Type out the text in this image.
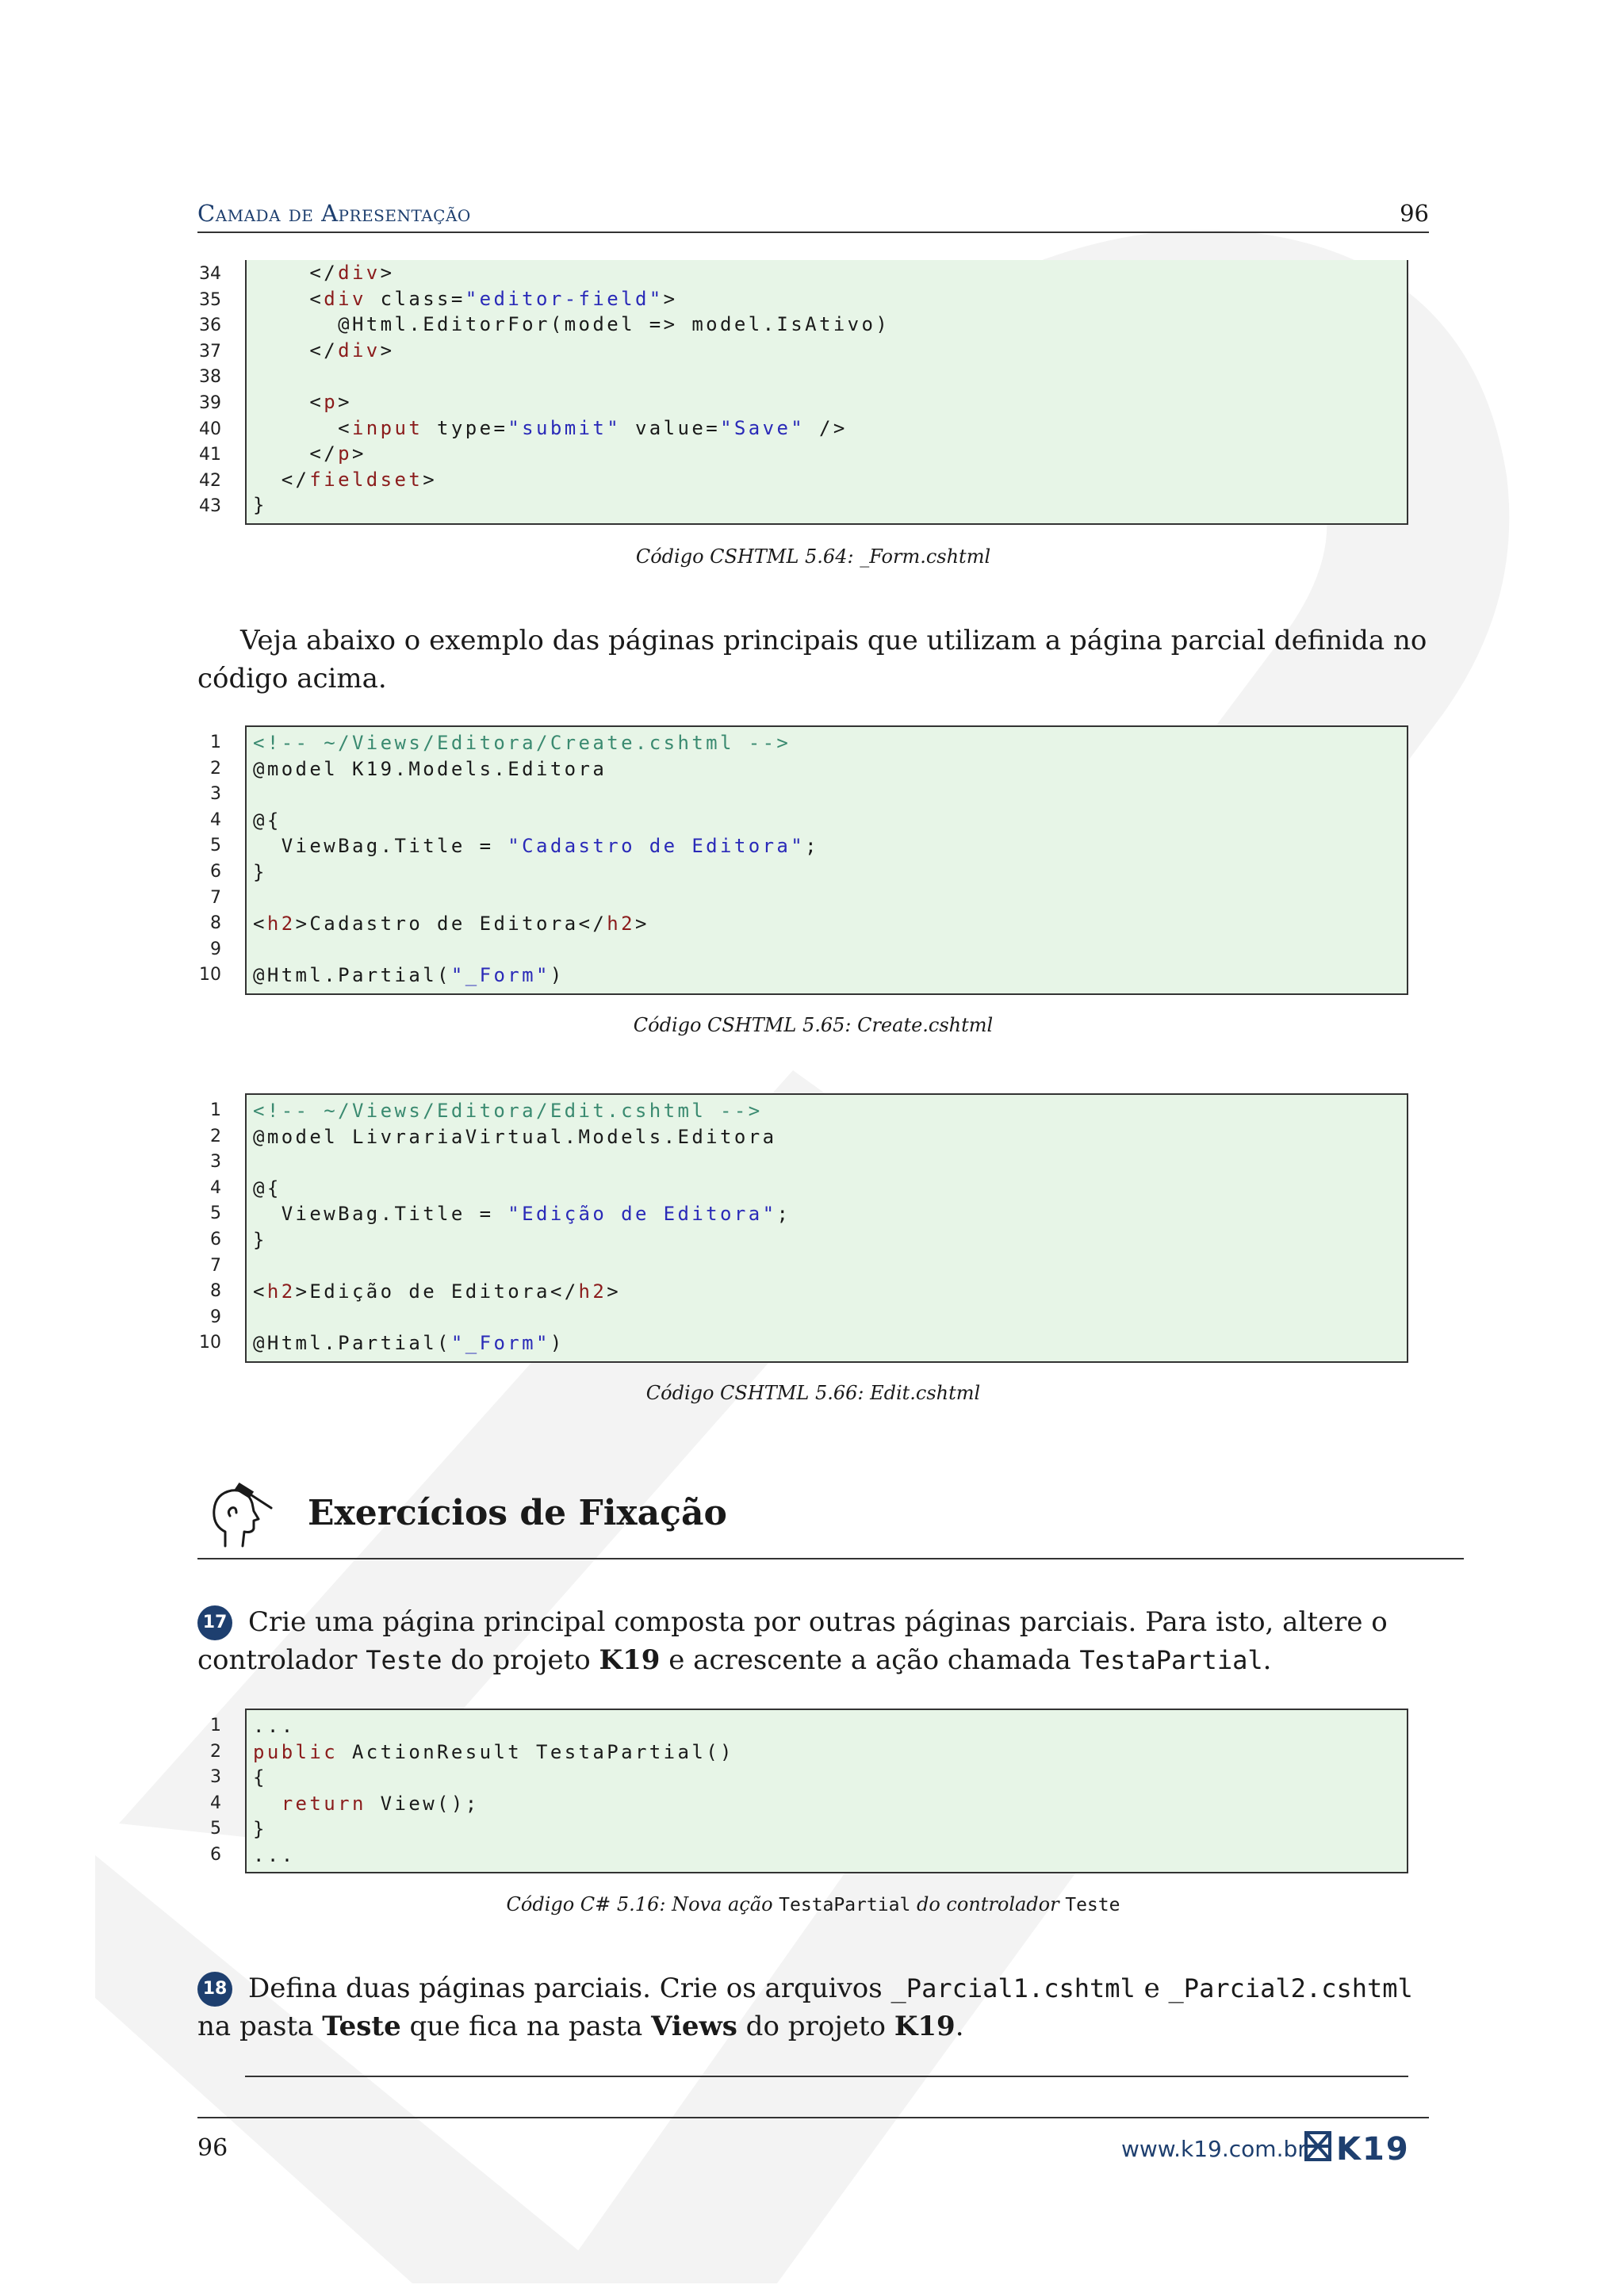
Camada de Apresentação	96
</div>
<div class="editor-field">
@Html.EditorFor(model => model.IsAtivo)
</div>
<p>
<input type="submit" value="Save" />
</p>
</fieldset>
}
34
35
36
37
38
39
40
41
42
43
Código CSHTML 5.64: _Form.cshtml
Veja abaixo o exemplo das páginas principais que utilizam a página parcial definida no código acima.
<!-- ~/Views/Editora/Create.cshtml -->
@model K19.Models.Editora
@{
ViewBag.Title = "Cadastro de Editora";
}
<h2>Cadastro de Editora</h2>
@Html.Partial("_Form")
1
2
3
4
5
6
7
8
9
10
Código CSHTML 5.65: Create.cshtml
<!-- ~/Views/Editora/Edit.cshtml -->
@model LivrariaVirtual.Models.Editora
@{
ViewBag.Title = "Edição de Editora";
}
<h2>Edição de Editora</h2>
@Html.Partial("_Form")
1
2
3
4
5
6
7
8
9
10
Código CSHTML 5.66: Edit.cshtml
Exercícios de Fixação
17 Crie uma página principal composta por outras páginas parciais. Para isto, altere o controlador Teste do projeto K19 e acrescente a ação chamada TestaPartial.
...
public ActionResult TestaPartial()
{
return View();
}
...
1
2
3
4
5
6
Código C# 5.16: Nova ação TestaPartial do controlador Teste
18 Defina duas páginas parciais. Crie os arquivos _Parcial1.cshtml e _Parcial2.cshtml na pasta Teste que fica na pasta Views do projeto K19.
96	www.k19.com.br K19
